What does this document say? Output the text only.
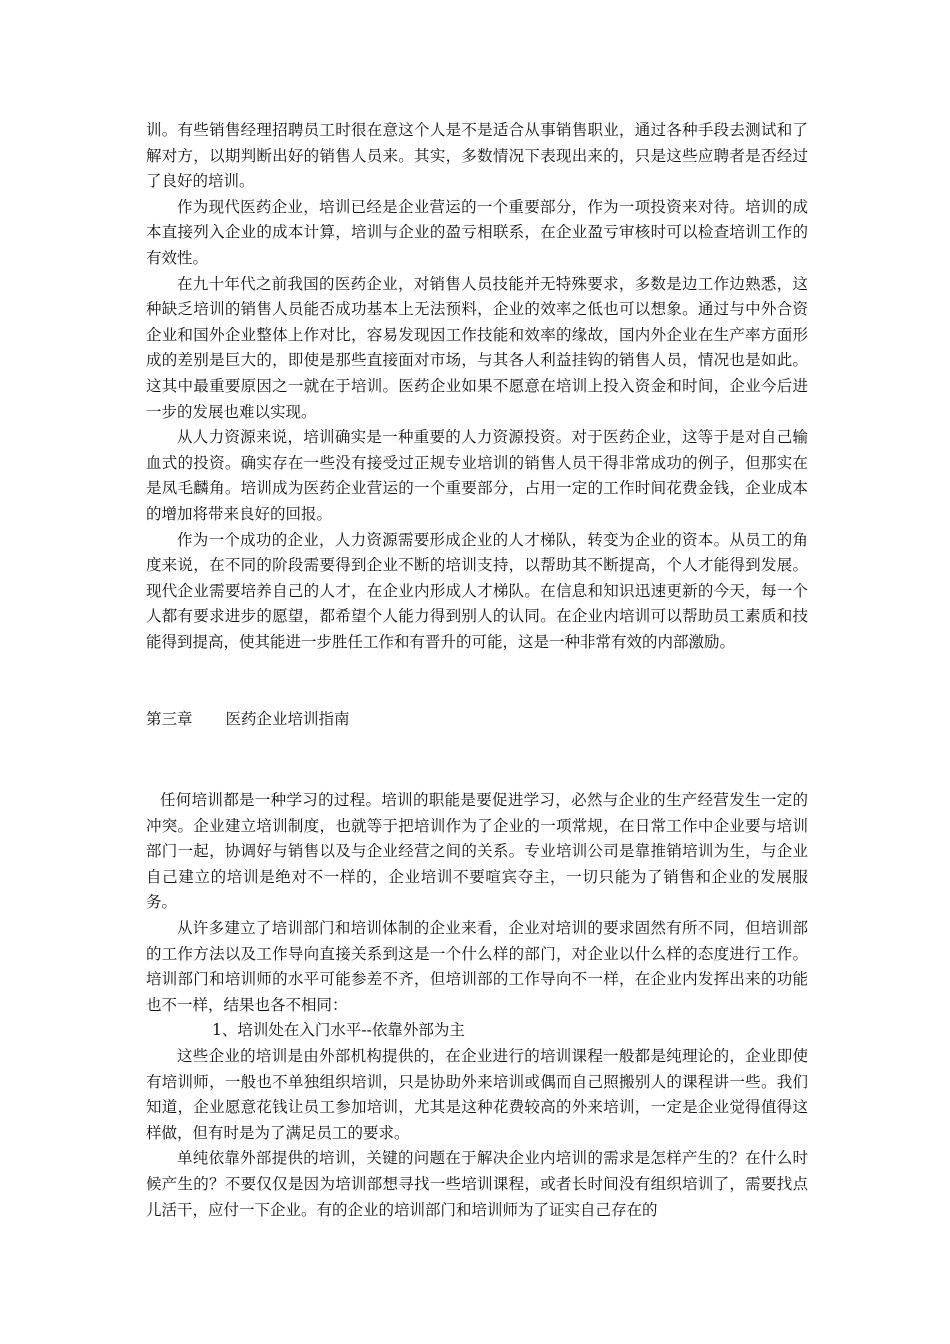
训。有些销售经理招聘员工时很在意这个人是不是适合从事销售职业，通过各种手段去测试和了解对方，以期判断出好的销售人员来。其实，多数情况下表现出来的，只是这些应聘者是否经过了良好的培训。

作为现代医药企业，培训已经是企业营运的一个重要部分，作为一项投资来对待。培训的成本直接列入企业的成本计算，培训与企业的盈亏相联系，在企业盈亏审核时可以检查培训工作的有效性。

在九十年代之前我国的医药企业，对销售人员技能并无特殊要求，多数是边工作边熟悉，这种缺乏培训的销售人员能否成功基本上无法预料，企业的效率之低也可以想象。通过与中外合资企业和国外企业整体上作对比，容易发现因工作技能和效率的缘故，国内外企业在生产率方面形成的差别是巨大的，即使是那些直接面对市场，与其各人利益挂钩的销售人员，情况也是如此。这其中最重要原因之一就在于培训。医药企业如果不愿意在培训上投入资金和时间，企业今后进一步的发展也难以实现。

从人力资源来说，培训确实是一种重要的人力资源投资。对于医药企业，这等于是对自己输血式的投资。确实存在一些没有接受过正规专业培训的销售人员干得非常成功的例子，但那实在是凤毛麟角。培训成为医药企业营运的一个重要部分，占用一定的工作时间花费金钱，企业成本的增加将带来良好的回报。

作为一个成功的企业，人力资源需要形成企业的人才梯队，转变为企业的资本。从员工的角度来说，在不同的阶段需要得到企业不断的培训支持，以帮助其不断提高，个人才能得到发展。现代企业需要培养自己的人才，在企业内形成人才梯队。在信息和知识迅速更新的今天，每一个人都有要求进步的愿望，都希望个人能力得到别人的认同。在企业内培训可以帮助员工素质和技能得到提高，使其能进一步胜任工作和有晋升的可能，这是一种非常有效的内部激励。

第三章 医药企业培训指南

任何培训都是一种学习的过程。培训的职能是要促进学习，必然与企业的生产经营发生一定的冲突。企业建立培训制度，也就等于把培训作为了企业的一项常规，在日常工作中企业要与培训部门一起，协调好与销售以及与企业经营之间的关系。专业培训公司是靠推销培训为生，与企业自己建立的培训是绝对不一样的，企业培训不要喧宾夺主，一切只能为了销售和企业的发展服务。

从许多建立了培训部门和培训体制的企业来看，企业对培训的要求固然有所不同，但培训部的工作方法以及工作导向直接关系到这是一个什么样的部门，对企业以什么样的态度进行工作。培训部门和培训师的水平可能参差不齐，但培训部的工作导向不一样，在企业内发挥出来的功能也不一样，结果也各不相同：

1、培训处在入门水平--依靠外部为主

这些企业的培训是由外部机构提供的，在企业进行的培训课程一般都是纯理论的，企业即使有培训师，一般也不单独组织培训，只是协助外来培训或偶而自己照搬别人的课程讲一些。我们知道，企业愿意花钱让员工参加培训，尤其是这种花费较高的外来培训，一定是企业觉得值得这样做，但有时是为了满足员工的要求。

单纯依靠外部提供的培训，关键的问题在于解决企业内培训的需求是怎样产生的？在什么时候产生的？不要仅仅是因为培训部想寻找一些培训课程，或者长时间没有组织培训了，需要找点儿活干，应付一下企业。有的企业的培训部门和培训师为了证实自己存在的
